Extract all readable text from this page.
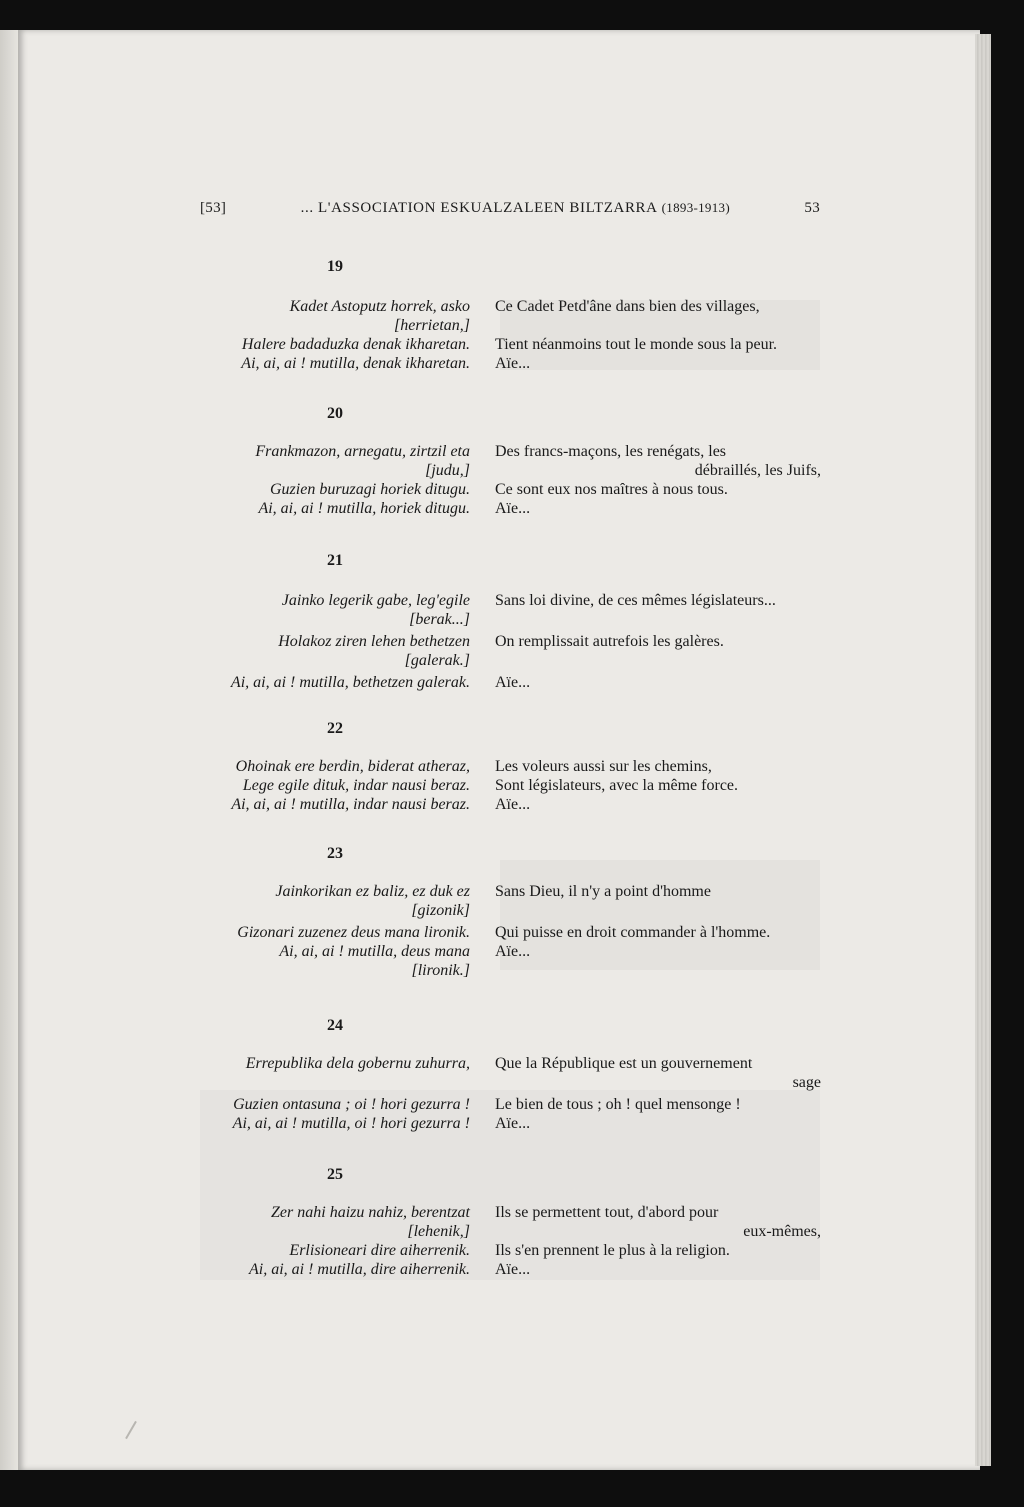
[53]	... L'ASSOCIATION ESKUALZALEEN BILTZARRA (1893-1913)	53
19
Kadet Astoputz horrek, asko
[herrietan,]
Halere badaduzka denak ikharetan.
Ai, ai, ai ! mutilla, denak ikharetan.
Ce Cadet Petd'âne dans bien des villages,
Tient néanmoins tout le monde sous la peur.
Aïe...
20
Frankmazon, arnegatu, zirtzil eta
[judu,]
Guzien buruzagi horiek ditugu.
Ai, ai, ai ! mutilla, horiek ditugu.
Des francs-maçons, les renégats, les
débraillés, les Juifs,
Ce sont eux nos maîtres à nous tous.
Aïe...
21
Jainko legerik gabe, leg'egile
[berak...]
Holakoz ziren lehen bethetzen
[galerak.]
Ai, ai, ai ! mutilla, bethetzen galerak.
Sans loi divine, de ces mêmes législateurs...
On remplissait autrefois les galères.
Aïe...
22
Ohoinak ere berdin, biderat atheraz,
Lege egile dituk, indar nausi beraz.
Ai, ai, ai ! mutilla, indar nausi beraz.
Les voleurs aussi sur les chemins,
Sont législateurs, avec la même force.
Aïe...
23
Jainkorikan ez baliz, ez duk ez
[gizonik]
Gizonari zuzenez deus mana lironik.
Ai, ai, ai ! mutilla, deus mana
[lironik.]
Sans Dieu, il n'y a point d'homme
Qui puisse en droit commander à l'homme.
Aïe...
24
Errepublika dela gobernu zuhurra,
Guzien ontasuna ; oi ! hori gezurra !
Ai, ai, ai ! mutilla, oi ! hori gezurra !
Que la République est un gouvernement
sage
Le bien de tous ; oh ! quel mensonge !
Aïe...
25
Zer nahi haizu nahiz, berentzat
[lehenik,]
Erlisioneari dire aiherrenik.
Ai, ai, ai ! mutilla, dire aiherrenik.
Ils se permettent tout, d'abord pour
eux-mêmes,
Ils s'en prennent le plus à la religion.
Aïe...
